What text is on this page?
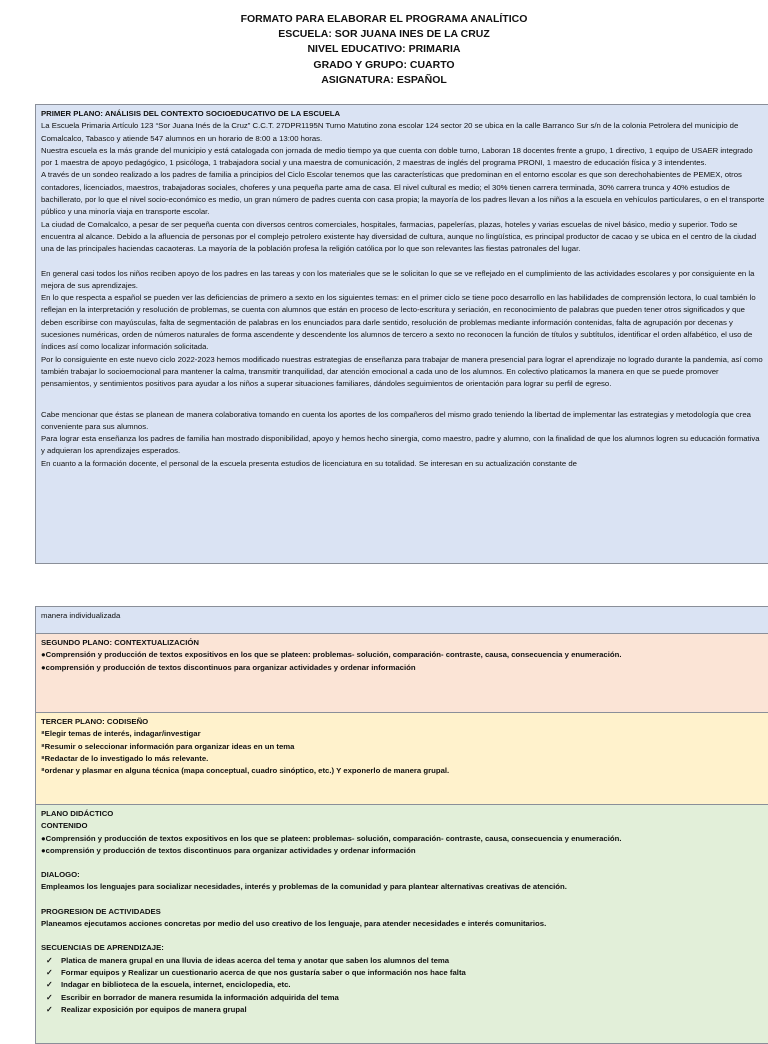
FORMATO PARA ELABORAR EL PROGRAMA ANALÍTICO
ESCUELA: SOR JUANA INES DE LA CRUZ
NIVEL EDUCATIVO: PRIMARIA
GRADO Y GRUPO: CUARTO
ASIGNATURA: ESPAÑOL

PRIMER PLANO: ANÁLISIS DEL CONTEXTO SOCIOEDUCATIVO DE LA ESCUELA

La Escuela Primaria Artículo 123 “Sor Juana Inés de la Cruz” C.C.T. 27DPR1195N Turno Matutino zona escolar 124 sector 20 se ubica en la calle Barranco Sur s/n de la colonia Petrolera del municipio de Comalcalco, Tabasco y atiende 547 alumnos en un horario de 8:00 a 13:00 horas.

Nuestra escuela es la más grande del municipio y está catalogada con jornada de medio tiempo ya que cuenta con doble turno, Laboran 18 docentes frente a grupo, 1 directivo, 1 equipo de USAER integrado por 1 maestra de apoyo pedagógico, 1 psicóloga, 1 trabajadora social y una maestra de comunicación, 2 maestras de inglés del programa PRONI, 1 maestro de educación física y 3 intendentes.

A través de un sondeo realizado a los padres de familia a principios del Ciclo Escolar tenemos que las características que predominan en el entorno escolar es que son derechohabientes de PEMEX, otros contadores, licenciados, maestros, trabajadoras sociales, choferes y una pequeña parte ama de casa. El nivel cultural es medio; el 30% tienen carrera terminada, 30% carrera trunca y 40% estudios de bachillerato, por lo que el nivel socio-económico es medio, un gran número de padres cuenta con casa propia; la mayoría de los padres llevan a los niños a la escuela en vehículos particulares, o en el transporte público y una minoría viaja en transporte escolar.

La ciudad de Comalcalco, a pesar de ser pequeña cuenta con diversos centros comerciales, hospitales, farmacias, papelerías, plazas, hoteles y varias escuelas de nivel básico, medio y superior. Todo se encuentra al alcance. Debido a la afluencia de personas por el complejo petrolero existente hay diversidad de cultura, aunque no lingüística, es principal productor de cacao y se ubica en el centro de la ciudad una de las principales haciendas cacaoteras. La mayoría de la población profesa la religión católica por lo que son relevantes las fiestas patronales del lugar.

En general casi todos los niños reciben apoyo de los padres en las tareas y con los materiales que se le solicitan lo que se ve reflejado en el cumplimiento de las actividades escolares y por consiguiente en la mejora de sus aprendizajes.

En lo que respecta a español se pueden ver las deficiencias de primero a sexto en los siguientes temas: en el primer ciclo se tiene poco desarrollo en las habilidades de comprensión lectora, lo cual también lo reflejan en la interpretación y resolución de problemas, se cuenta con alumnos que están en proceso de lecto-escritura y seriación, en reconocimiento de palabras que pueden tener otros significados y que deben escribirse con mayúsculas, falta de segmentación de palabras en los enunciados para darle sentido, resolución de problemas mediante información contenidas, falta de agrupación por decenas y sucesiones numéricas, orden de números naturales de forma ascendente y descendente los alumnos de tercero a sexto no reconocen la función de títulos y subtítulos, identificar el orden alfabético, el uso de índices así como localizar información solicitada.

Por lo consiguiente en este nuevo ciclo 2022-2023 hemos modificado nuestras estrategias de enseñanza para trabajar de manera presencial para lograr el aprendizaje no logrado durante la pandemia, así como también trabajar lo socioemocional para mantener la calma, transmitir tranquilidad, dar atención emocional a cada uno de los alumnos. En colectivo platicamos la manera en que se puede promover pensamientos, y sentimientos positivos para ayudar a los niños a superar situaciones familiares, dándoles seguimientos de orientación para lograr su perfil de egreso.

Cabe mencionar que éstas se planean de manera colaborativa tomando en cuenta los aportes de los compañeros del mismo grado teniendo la libertad de implementar las estrategias y metodología que crea conveniente para sus alumnos.

Para lograr esta enseñanza los padres de familia han mostrado disponibilidad, apoyo y hemos hecho sinergia, como maestro, padre y alumno, con la finalidad de que los alumnos logren su educación formativa y adquieran los aprendizajes esperados.

En cuanto a la formación docente, el personal de la escuela presenta estudios de licenciatura en su totalidad. Se interesan en su actualización constante de

manera individualizada

SEGUNDO PLANO: CONTEXTUALIZACIÓN

●Comprensión y producción de textos expositivos en los que se plateen: problemas- solución, comparación- contraste, causa, consecuencia y enumeración.
●comprensión y producción de textos discontinuos para organizar actividades y ordenar información

TERCER PLANO: CODISEÑO

⁸Elegir temas de interés, indagar/investigar
⁸Resumir o seleccionar información para organizar ideas en un tema
⁸Redactar de lo investigado lo más relevante.
⁸ordenar y plasmar en alguna técnica (mapa conceptual, cuadro sinóptico, etc.) Y exponerlo de manera grupal.

PLANO DIDÁCTICO

CONTENIDO

●Comprensión y producción de textos expositivos en los que se plateen: problemas- solución, comparación- contraste, causa, consecuencia y enumeración.
●comprensión y producción de textos discontinuos para organizar actividades y ordenar información

DIALOGO:

Empleamos los lenguajes para socializar necesidades, interés y problemas de la comunidad y para plantear alternativas creativas de atención.

PROGRESION DE ACTIVIDADES

Planeamos ejecutamos acciones concretas por medio del uso creativo de los lenguaje, para atender necesidades e interés comunitarios.

SECUENCIAS DE APRENDIZAJE:

✓ Platica de manera grupal en una lluvia de ideas acerca del tema y anotar que saben los alumnos del tema
✓ Formar equipos y Realizar un cuestionario acerca de que nos gustaría saber o que información nos hace falta
✓ Indagar en biblioteca de la escuela, internet, enciclopedia, etc.
✓ Escribir en borrador de manera resumida la información adquirida del tema
✓ Realizar exposición por equipos de manera grupal
